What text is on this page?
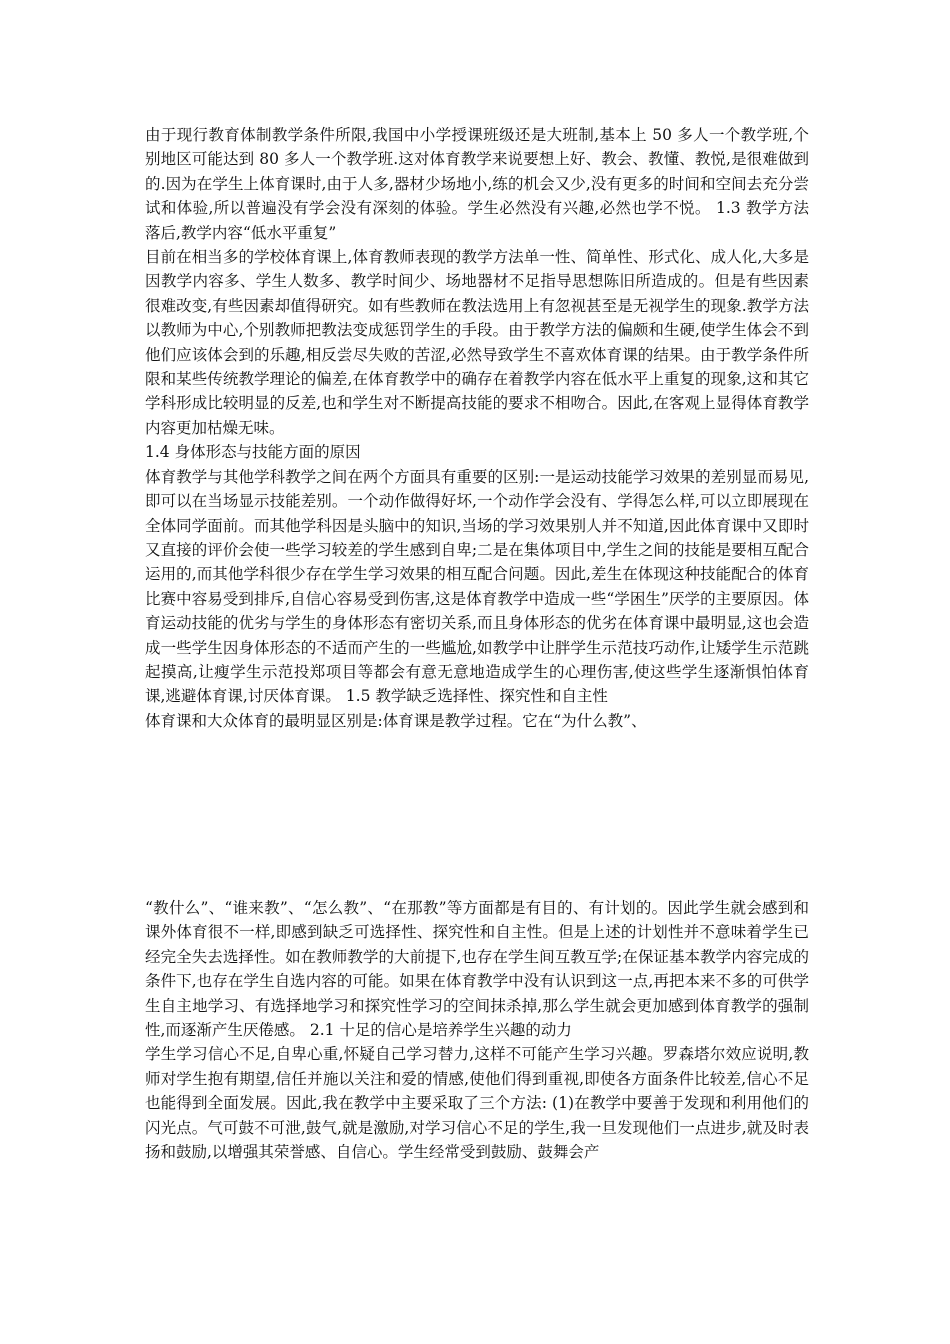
由于现行教育体制教学条件所限,我国中小学授课班级还是大班制,基本上 50 多人一个教学班,个别地区可能达到 80 多人一个教学班.这对体育教学来说要想上好、教会、教懂、教悦,是很难做到的.因为在学生上体育课时,由于人多,器材少场地小,练的机会又少,没有更多的时间和空间去充分尝试和体验,所以普遍没有学会没有深刻的体验。学生必然没有兴趣,必然也学不悦。 1.3 教学方法落后,教学内容“低水平重复”

目前在相当多的学校体育课上,体育教师表现的教学方法单一性、简单性、形式化、成人化,大多是因教学内容多、学生人数多、教学时间少、场地器材不足指导思想陈旧所造成的。但是有些因素很难改变,有些因素却值得研究。如有些教师在教法选用上有忽视甚至是无视学生的现象.教学方法以教师为中心,个别教师把教法变成惩罚学生的手段。由于教学方法的偏颇和生硬,使学生体会不到他们应该体会到的乐趣,相反尝尽失败的苦涩,必然导致学生不喜欢体育课的结果。由于教学条件所限和某些传统教学理论的偏差,在体育教学中的确存在着教学内容在低水平上重复的现象,这和其它学科形成比较明显的反差,也和学生对不断提高技能的要求不相吻合。因此,在客观上显得体育教学内容更加枯燥无味。

1.4 身体形态与技能方面的原因

体育教学与其他学科教学之间在两个方面具有重要的区别:一是运动技能学习效果的差别显而易见,即可以在当场显示技能差别。一个动作做得好坏,一个动作学会没有、学得怎么样,可以立即展现在全体同学面前。而其他学科因是头脑中的知识,当场的学习效果别人并不知道,因此体育课中又即时又直接的评价会使一些学习较差的学生感到自卑;二是在集体项目中,学生之间的技能是要相互配合运用的,而其他学科很少存在学生学习效果的相互配合问题。因此,差生在体现这种技能配合的体育比赛中容易受到排斥,自信心容易受到伤害,这是体育教学中造成一些“学困生”厌学的主要原因。体育运动技能的优劣与学生的身体形态有密切关系,而且身体形态的优劣在体育课中最明显,这也会造成一些学生因身体形态的不适而产生的一些尴尬,如教学中让胖学生示范技巧动作,让矮学生示范跳起摸高,让瘦学生示范投郑项目等都会有意无意地造成学生的心理伤害,使这些学生逐渐惧怕体育课,逃避体育课,讨厌体育课。 1.5 教学缺乏选择性、探究性和自主性

体育课和大众体育的最明显区别是:体育课是教学过程。它在“为什么教”、

“教什么”、“谁来教”、“怎么教”、“在那教”等方面都是有目的、有计划的。因此学生就会感到和课外体育很不一样,即感到缺乏可选择性、探究性和自主性。但是上述的计划性并不意味着学生已经完全失去选择性。如在教师教学的大前提下,也存在学生间互教互学;在保证基本教学内容完成的条件下,也存在学生自选内容的可能。如果在体育教学中没有认识到这一点,再把本来不多的可供学生自主地学习、有选择地学习和探究性学习的空间抹杀掉,那么学生就会更加感到体育教学的强制性,而逐渐产生厌倦感。 2.1 十足的信心是培养学生兴趣的动力

学生学习信心不足,自卑心重,怀疑自己学习替力,这样不可能产生学习兴趣。罗森塔尔效应说明,教师对学生抱有期望,信任并施以关注和爱的情感,使他们得到重视,即使各方面条件比较差,信心不足也能得到全面发展。因此,我在教学中主要采取了三个方法: (1)在教学中要善于发现和利用他们的闪光点。气可鼓不可泄,鼓气,就是激励,对学习信心不足的学生,我一旦发现他们一点进步,就及时表扬和鼓励,以增强其荣誉感、自信心。学生经常受到鼓励、鼓舞会产
